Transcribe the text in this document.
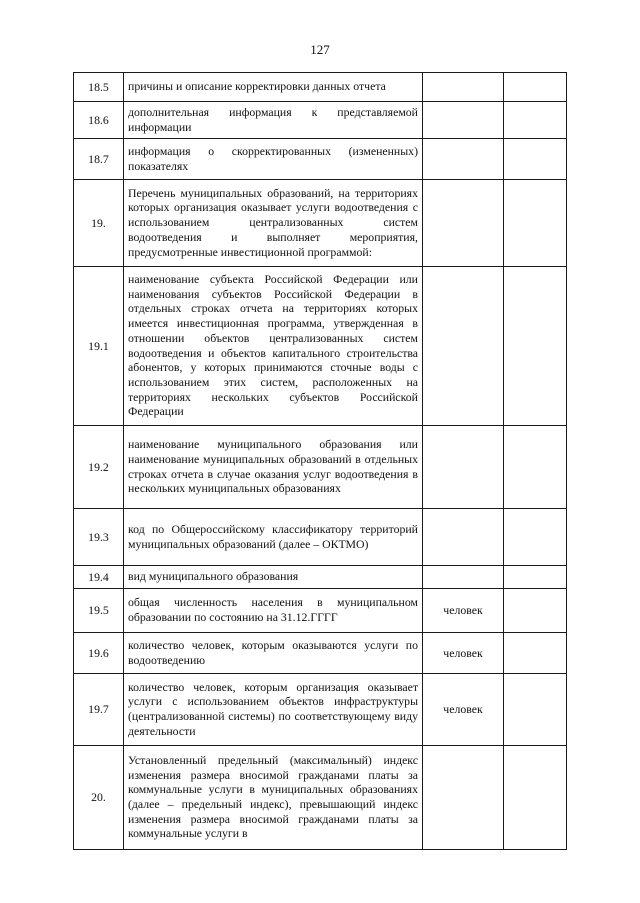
127
18.5	причины и описание корректировки данных отчета		
18.6	дополнительная информация к представляемой информации		
18.7	информация о скорректированных (измененных) показателях		
19.	Перечень муниципальных образований, на территориях которых организация оказывает услуги водоотведения с использованием централизованных систем водоотведения и выполняет мероприятия, предусмотренные инвестиционной программой:		
19.1	наименование субъекта Российской Федерации или наименования субъектов Российской Федерации в отдельных строках отчета на территориях которых имеется инвестиционная программа, утвержденная в отношении объектов централизованных систем водоотведения и объектов капитального строительства абонентов, у которых принимаются сточные воды с использованием этих систем, расположенных на территориях нескольких субъектов Российской Федерации		
19.2	наименование муниципального образования или наименование муниципальных образований в отдельных строках отчета в случае оказания услуг водоотведения в нескольких муниципальных образованиях		
19.3	код по Общероссийскому классификатору территорий муниципальных образований (далее – ОКТМО)		
19.4	вид муниципального образования		
19.5	общая численность населения в муниципальном образовании по состоянию на 31.12.ГГГГ	человек	
19.6	количество человек, которым оказываются услуги по водоотведению	человек	
19.7	количество человек, которым организация оказывает услуги с использованием объектов инфраструктуры (централизованной системы) по соответствующему виду деятельности	человек	
20.	Установленный предельный (максимальный) индекс изменения размера вносимой гражданами платы за коммунальные услуги в муниципальных образованиях (далее – предельный индекс), превышающий индекс изменения размера вносимой гражданами платы за коммунальные услуги в		
